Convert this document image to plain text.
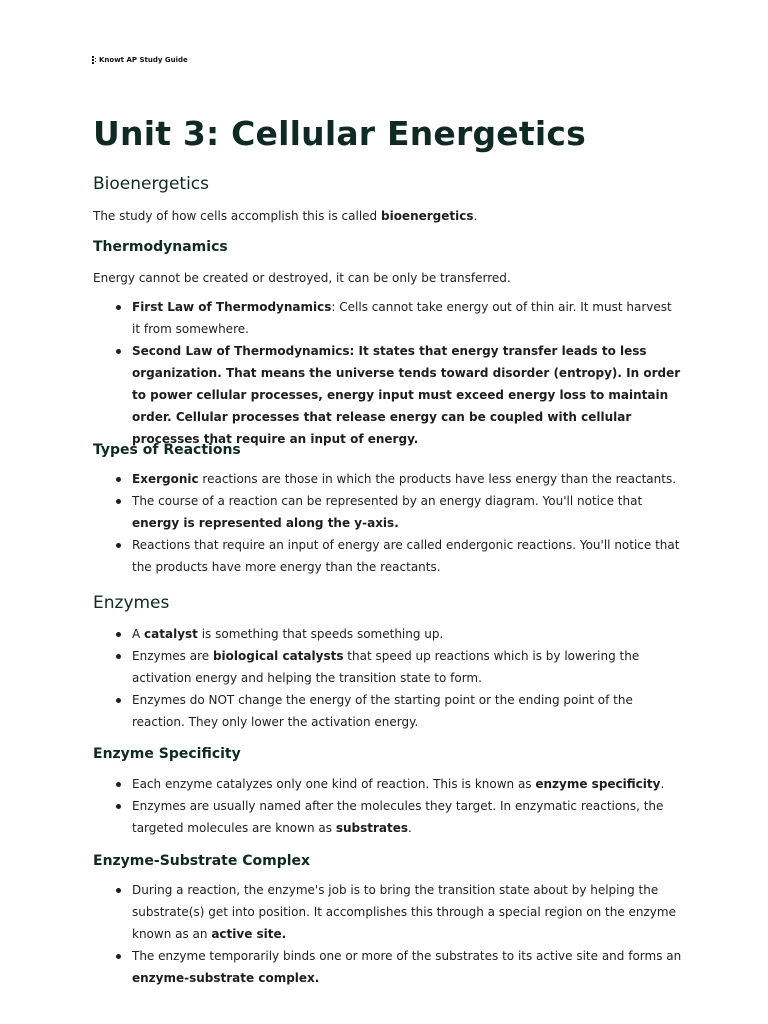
Knowt AP Study Guide
Unit 3: Cellular Energetics
Bioenergetics

The study of how cells accomplish this is called bioenergetics.

Thermodynamics

Energy cannot be created or destroyed, it can be only be transferred.

First Law of Thermodynamics: Cells cannot take energy out of thin air. It must harvest it from somewhere.
Second Law of Thermodynamics: It states that energy transfer leads to less organization. That means the universe tends toward disorder (entropy). In order to power cellular processes, energy input must exceed energy loss to maintain order. Cellular processes that release energy can be coupled with cellular processes that require an input of energy.
Types of Reactions
Exergonic reactions are those in which the products have less energy than the reactants.
The course of a reaction can be represented by an energy diagram. You'll notice that energy is represented along the y-axis.
Reactions that require an input of energy are called endergonic reactions. You'll notice that the products have more energy than the reactants.
Enzymes
A catalyst is something that speeds something up.
Enzymes are biological catalysts that speed up reactions which is by lowering the activation energy and helping the transition state to form.
Enzymes do NOT change the energy of the starting point or the ending point of the reaction. They only lower the activation energy.
Enzyme Specificity
Each enzyme catalyzes only one kind of reaction. This is known as enzyme specificity.
Enzymes are usually named after the molecules they target. In enzymatic reactions, the targeted molecules are known as substrates.
Enzyme-Substrate Complex
During a reaction, the enzyme's job is to bring the transition state about by helping the substrate(s) get into position. It accomplishes this through a special region on the enzyme known as an active site.
The enzyme temporarily binds one or more of the substrates to its active site and forms an enzyme-substrate complex.
